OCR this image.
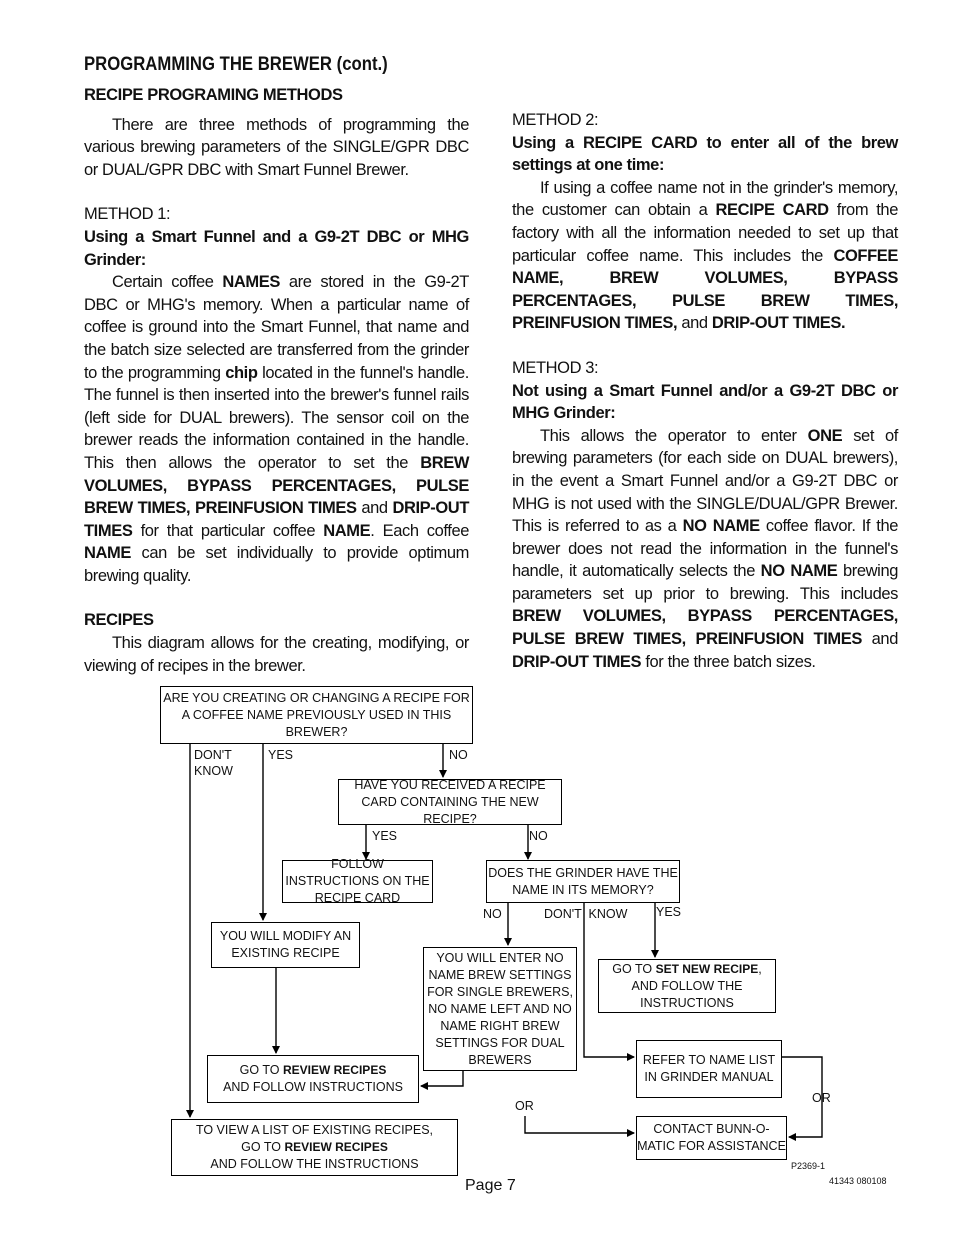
PROGRAMMING THE BREWER (cont.)

RECIPE PROGRAMING METHODS

There are three methods of programming the various brewing parameters of the SINGLE/GPR DBC or DUAL/GPR DBC with Smart Funnel Brewer.

METHOD 1:

Using a Smart Funnel and a G9-2T DBC or MHG Grinder:

Certain coffee NAMES are stored in the G9-2T DBC or MHG's memory. When a particular name of coffee is ground into the Smart Funnel, that name and the batch size selected are transferred from the grinder to the programming chip located in the funnel's handle. The funnel is then inserted into the brewer's funnel rails (left side for DUAL brewers). The sensor coil on the brewer reads the information contained in the handle. This then allows the operator to set the BREW VOLUMES, BYPASS PERCENTAGES, PULSE BREW TIMES, PREINFUSION TIMES and DRIP-OUT TIMES for that particular coffee NAME. Each coffee NAME can be set individually to provide optimum brewing quality.

RECIPES

This diagram allows for the creating, modifying, or viewing of recipes in the brewer.

METHOD 2:

Using a RECIPE CARD to enter all of the brew settings at one time:

If using a coffee name not in the grinder's memory, the customer can obtain a RECIPE CARD from the factory with all the information needed to set up that particular coffee name. This includes the COFFEE NAME, BREW VOLUMES, BYPASS PERCENTAGES, PULSE BREW TIMES, PREINFUSION TIMES, and DRIP-OUT TIMES.

METHOD 3:

Not using a Smart Funnel and/or a G9-2T DBC or MHG Grinder:

This allows the operator to enter ONE set of brewing parameters (for each side on DUAL brewers), in the event a Smart Funnel and/or a G9-2T DBC or MHG is not used with the SINGLE/DUAL/GPR Brewer. This is referred to as a NO NAME coffee flavor. If the brewer does not read the information in the funnel's handle, it automatically selects the NO NAME brewing parameters set up prior to brewing. This includes BREW VOLUMES, BYPASS PERCENTAGES, PULSE BREW TIMES, PREINFUSION TIMES and DRIP-OUT TIMES for the three batch sizes.

ARE YOU CREATING OR CHANGING A RECIPE FOR A COFFEE NAME PREVIOUSLY USED IN THIS BREWER?
HAVE YOU RECEIVED A RECIPE CARD CONTAINING THE NEW RECIPE?
FOLLOW INSTRUCTIONS ON THE RECIPE CARD
DOES THE GRINDER HAVE THE NAME IN ITS MEMORY?
YOU WILL MODIFY AN EXISTING RECIPE	YOU WILL ENTER NO NAME BREW SETTINGS FOR SINGLE BREWERS, NO NAME LEFT AND NO NAME RIGHT BREW SETTINGS FOR DUAL BREWERS
GO TO SET NEW RECIPE, AND FOLLOW THE INSTRUCTIONS
GO TO REVIEW RECIPES
AND FOLLOW INSTRUCTIONS
REFER TO NAME LIST IN GRINDER MANUAL
TO VIEW A LIST OF EXISTING RECIPES,
GO TO REVIEW RECIPES
AND FOLLOW THE INSTRUCTIONS
CONTACT BUNN-O-MATIC FOR ASSISTANCE
DON'T
KNOW
YES	NO
YES	NO
NO	DON'T  KNOW YES
OR
OR
P2369-1
Page 7	41343 080108
